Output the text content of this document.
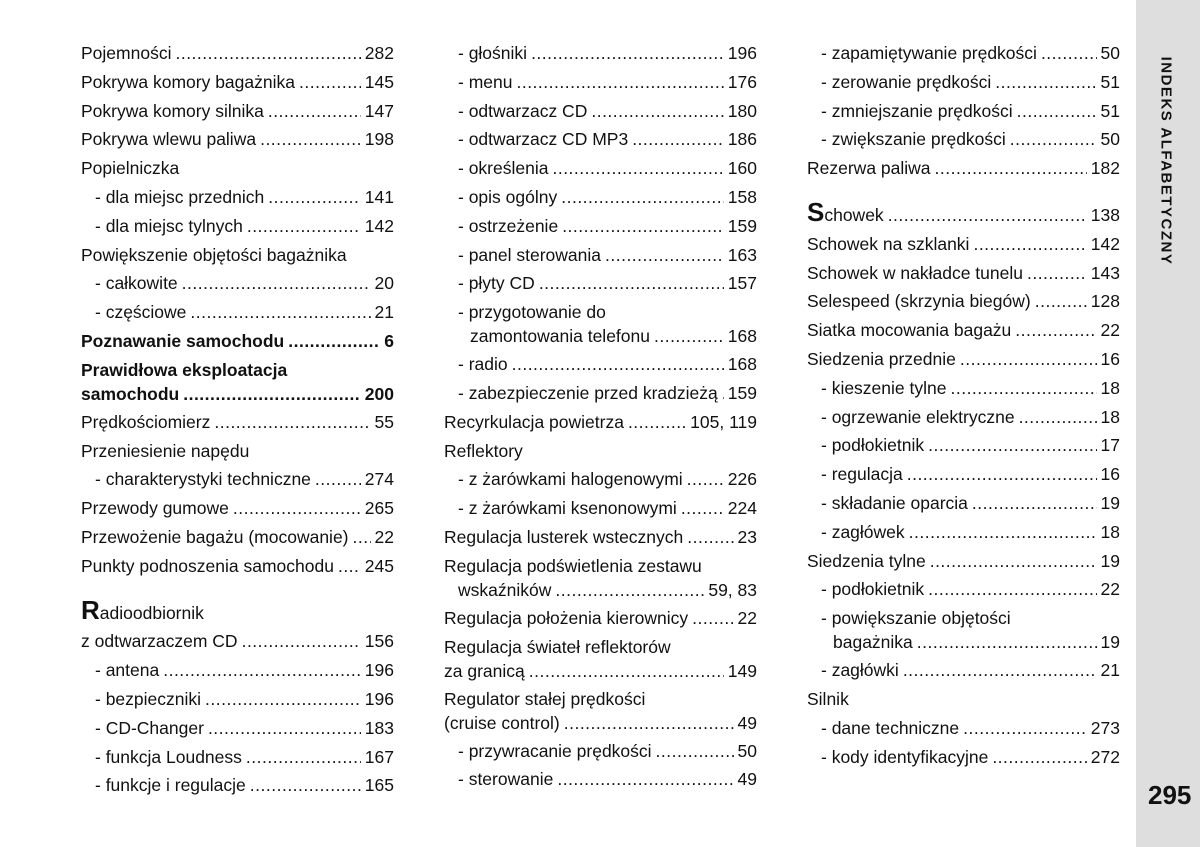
Pojemności .....	282
Pokrywa komory bagażnika .....	145
Pokrywa komory silnika .....	147
Pokrywa wlewu paliwa .....	198
Popielniczka
- dla miejsc przednich .....	141
- dla miejsc tylnych .....	142
Powiększenie objętości bagażnika
- całkowite .....	20
- częściowe .....	21
Poznawanie samochodu .....	6
Prawidłowa eksploatacja
samochodu .....	200
Prędkościomierz .....	55
Przeniesienie napędu
- charakterystyki techniczne .....	274
Przewody gumowe .....	265
Przewożenie bagażu (mocowanie) ..... 22
Punkty podnoszenia samochodu ..... 245
Radioodbiornik
z odtwarzaczem CD .....	156
- antena .....	196
- bezpieczniki .....	196
- CD-Changer .....	183
- funkcja Loudness .....	167
- funkcje i regulacje .....	165
- głośniki .....	196
- menu .....	176
- odtwarzacz CD .....	180
- odtwarzacz CD MP3 .....	186
- określenia .....	160
- opis ogólny .....	158
- ostrzeżenie .....	159
- panel sterowania .....	163
- płyty CD .....	157
- przygotowanie do
zamontowania telefonu .....	168
- radio .....	168
- zabezpieczenie przed kradzieżą ..... 159
Recyrkulacja powietrza .....	105, 119
Reflektory
- z żarówkami halogenowymi .....	226
- z żarówkami ksenonowymi .....	224
Regulacja lusterek wstecznych .....	23
Regulacja podświetlenia zestawu
wskaźników .....	59, 83
Regulacja położenia kierownicy .....	22
Regulacja świateł reflektorów
za granicą .....	149
Regulator stałej prędkości
(cruise control) .....	49
- przywracanie prędkości .....	50
- sterowanie .....	49
- zapamiętywanie prędkości .....	50
- zerowanie prędkości .....	51
- zmniejszanie prędkości .....	51
- zwiększanie prędkości .....	50
Rezerwa paliwa .....	182
Schowek .....	138
Schowek na szklanki .....	142
Schowek w nakładce tunelu .....	143
Selespeed (skrzynia biegów) .....	128
Siatka mocowania bagażu .....	22
Siedzenia przednie .....	16
- kieszenie tylne .....	18
- ogrzewanie elektryczne .....	18
- podłokietnik .....	17
- regulacja .....	16
- składanie oparcia .....	19
- zagłówek .....	18
Siedzenia tylne .....	19
- podłokietnik .....	22
- powiększanie objętości
bagażnika .....	19
- zagłówki .....	21
Silnik
- dane techniczne .....	273
- kody identyfikacyjne .....	272
INDEKS ALFABETYCZNY
295
